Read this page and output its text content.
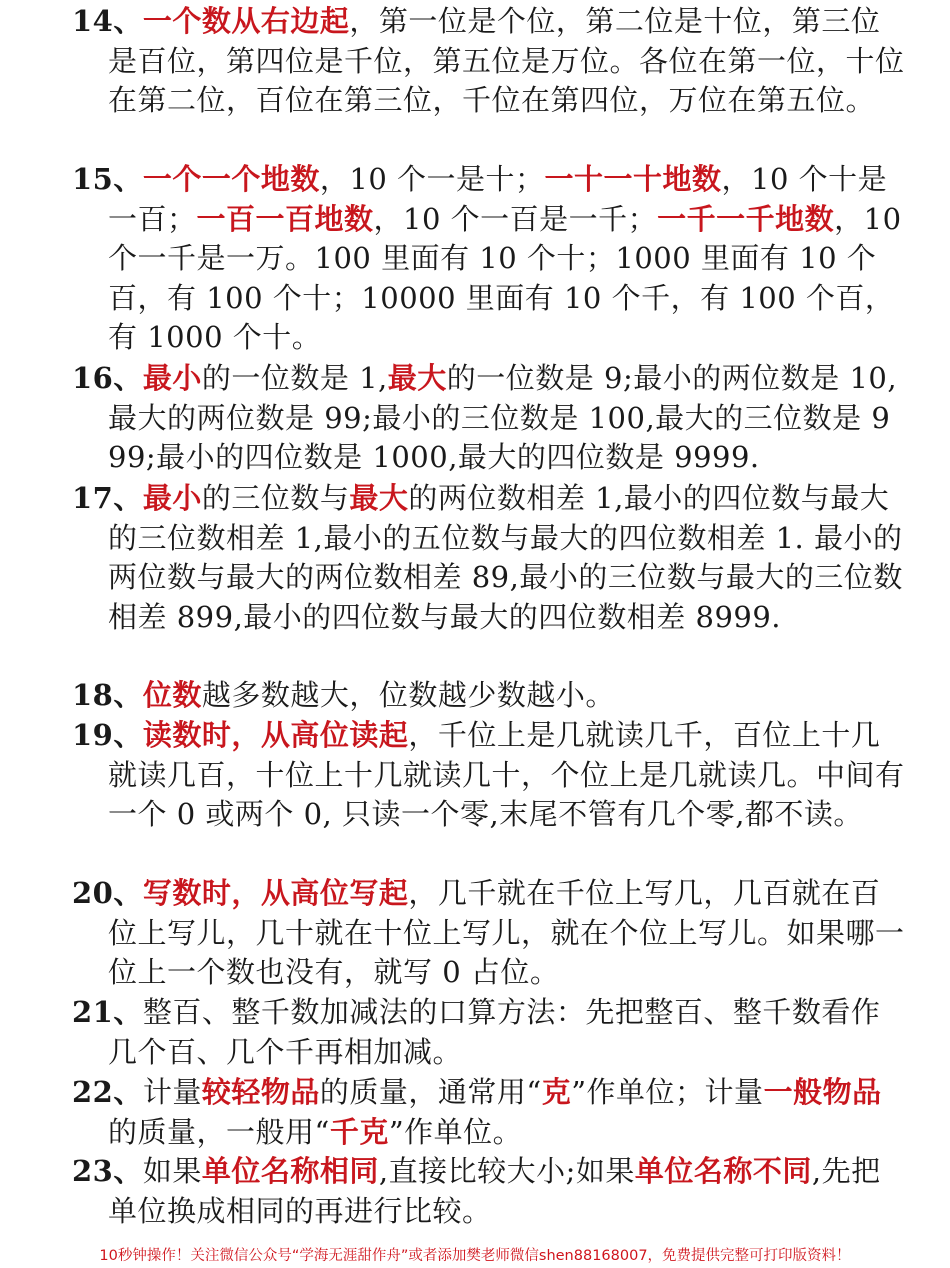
14、一个数从右边起，第一位是个位，第二位是十位，第三位是百位，第四位是千位，第五位是万位。各位在第一位，十位在第二位，百位在第三位，千位在第四位，万位在第五位。
15、一个一个地数，10 个一是十；一十一十地数，10 个十是一百；一百一百地数，10 个一百是一千；一千一千地数，10 个一千是一万。100 里面有 10 个十；1000 里面有 10 个百，有 100 个十；10000 里面有 10 个千，有 100 个百，有 1000 个十。
16、最小的一位数是 1,最大的一位数是 9;最小的两位数是 10,最大的两位数是 99;最小的三位数是 100,最大的三位数是 999;最小的四位数是 1000,最大的四位数是 9999.
17、最小的三位数与最大的两位数相差 1,最小的四位数与最大的三位数相差 1,最小的五位数与最大的四位数相差 1. 最小的两位数与最大的两位数相差 89,最小的三位数与最大的三位数相差 899,最小的四位数与最大的四位数相差 8999.
18、位数越多数越大，位数越少数越小。
19、读数时，从高位读起，千位上是几就读几千，百位上十几就读几百，十位上十几就读几十，个位上是几就读几。中间有一个 0 或两个 0, 只读一个零,末尾不管有几个零,都不读。
20、写数时，从高位写起，几千就在千位上写几，几百就在百位上写儿，几十就在十位上写儿，就在个位上写儿。如果哪一位上一个数也没有，就写 0 占位。
21、整百、整千数加减法的口算方法：先把整百、整千数看作几个百、几个千再相加减。
22、计量较轻物品的质量，通常用“克”作单位；计量一般物品的质量，一般用“千克”作单位。
23、如果单位名称相同,直接比较大小;如果单位名称不同,先把单位换成相同的再进行比较。
10秒钟操作！关注微信公众号“学海无涯甜作舟”或者添加樊老师微信shen88168007，免费提供完整可打印版资料！
